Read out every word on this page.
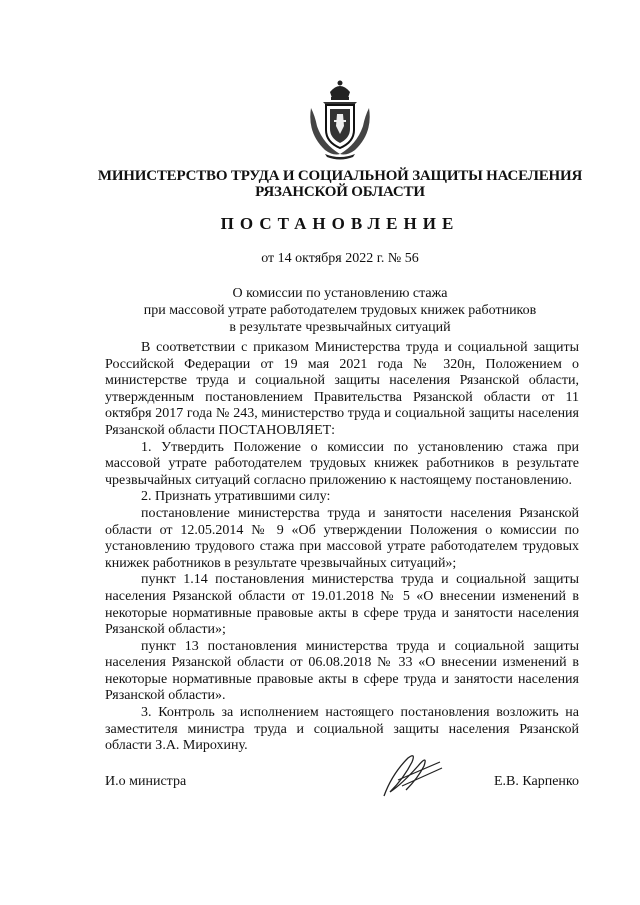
МИНИСТЕРСТВО ТРУДА И СОЦИАЛЬНОЙ ЗАЩИТЫ НАСЕЛЕНИЯ
РЯЗАНСКОЙ ОБЛАСТИ
ПОСТАНОВЛЕНИЕ
от 14 октября 2022 г. № 56
О комиссии по установлению стажа
при массовой утрате работодателем трудовых книжек работников
в результате чрезвычайных ситуаций

В соответствии с приказом Министерства труда и социальной защиты Российской Федерации от 19 мая 2021 года № 320н, Положением о министерстве труда и социальной защиты населения Рязанской области, утвержденным постановлением Правительства Рязанской области от 11 октября 2017 года № 243, министерство труда и социальной защиты населения Рязанской области ПОСТАНОВЛЯЕТ:

1. Утвердить Положение о комиссии по установлению стажа при массовой утрате работодателем трудовых книжек работников в результате чрезвычайных ситуаций согласно приложению к настоящему постановлению.

2. Признать утратившими силу:

постановление министерства труда и занятости населения Рязанской области от 12.05.2014 № 9 «Об утверждении Положения о комиссии по установлению трудового стажа при массовой утрате работодателем трудовых книжек работников в результате чрезвычайных ситуаций»;

пункт 1.14 постановления министерства труда и социальной защиты населения Рязанской области от 19.01.2018 № 5 «О внесении изменений в некоторые нормативные правовые акты в сфере труда и занятости населения Рязанской области»;

пункт 13 постановления министерства труда и социальной защиты населения Рязанской области от 06.08.2018 № 33 «О внесении изменений в некоторые нормативные правовые акты в сфере труда и занятости населения Рязанской области».

3. Контроль за исполнением настоящего постановления возложить на заместителя министра труда и социальной защиты населения Рязанской области З.А. Мирохину.

И.о министра	Е.В. Карпенко
